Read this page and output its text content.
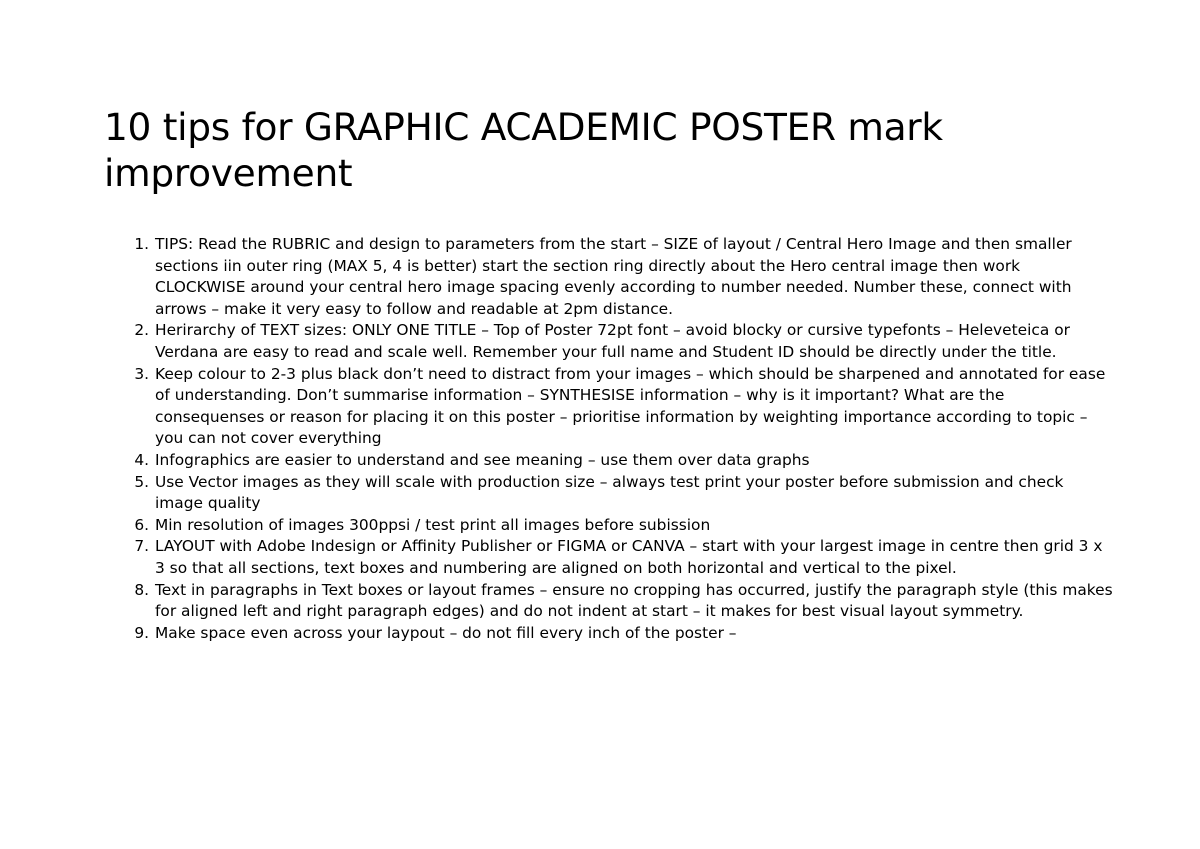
10 tips for GRAPHIC ACADEMIC POSTER mark improvement
1. TIPS: Read the RUBRIC and design to parameters from the start – SIZE of layout / Central Hero Image and then smaller sections iin outer ring (MAX 5, 4 is better) start the section ring directly about the Hero central image then work CLOCKWISE around your central hero image spacing evenly according to number needed. Number these, connect with arrows – make it very easy to follow and readable at 2pm distance.
2. Herirarchy of TEXT sizes: ONLY ONE TITLE – Top of Poster 72pt font – avoid blocky or cursive typefonts – Heleveteica or Verdana are easy to read and scale well. Remember your full name and Student ID should be directly under the title.
3. Keep colour to 2-3 plus black don’t need to distract from your images – which should be sharpened and annotated for ease of understanding. Don’t summarise information – SYNTHESISE information – why is it important? What are the consequenses or reason for placing it on this poster – prioritise information by weighting importance according to topic – you can not cover everything
4. Infographics are easier to understand and see meaning – use them over data graphs
5. Use Vector images as they will scale with production size – always test print your poster before submission and check image quality
6. Min resolution of images 300ppsi / test print all images before subission
7. LAYOUT with Adobe Indesign or Affinity Publisher or FIGMA or CANVA – start with your largest image in centre then grid 3 x 3 so that all sections, text boxes and numbering are aligned on both horizontal and vertical to the pixel.
8. Text in paragraphs in Text boxes or layout frames – ensure no cropping has occurred, justify the paragraph style (this makes for aligned left and right paragraph edges) and do not indent at start – it makes for best visual layout symmetry.
9. Make space even across your laypout – do not fill every inch of the poster –
